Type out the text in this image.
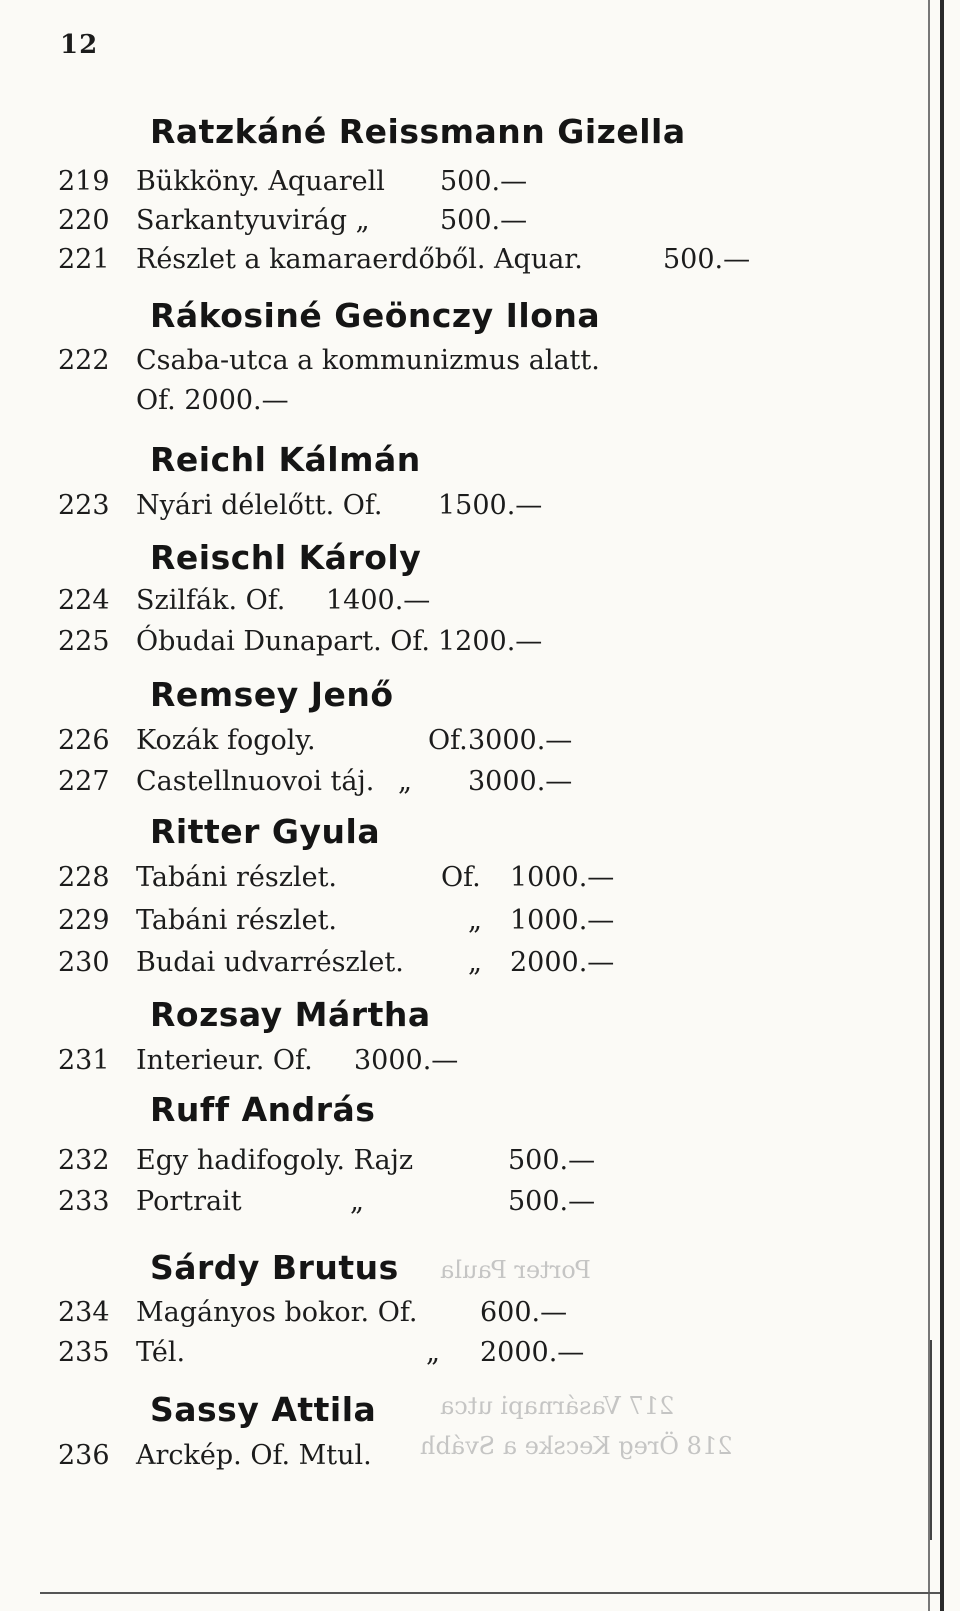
12
Ratzkáné Reissmann Gizella
219 Bükköny. Aquarell 500.—
220 Sarkantyuvirág „	500.—
221 Részlet a kamaraerdőből. Aquar.	500.—
Rákosiné Geönczy Ilona
222 Csaba-utca a kommunizmus alatt.
Of. 2000.—
Reichl Kálmán
223 Nyári délelőtt. Of. 1500.—
Reischl Károly
224 Szilfák. Of. 1400.—
225 Óbudai Dunapart. Of. 1200.—
Remsey Jenő
226 Kozák fogoly.	Of. 3000.—
227 Castellnuovoi táj. „ 3000.—
Ritter Gyula
228 Tabáni részlet.	Of. 1000.—
229 Tabáni részlet.	„ 1000.—
230 Budai udvarrészlet. „ 2000.—
Rozsay Mártha
231 Interieur. Of. 3000.—
Ruff András
232 Egy hadifogoly. Rajz	500.—
233 Portrait	„	500.—
Sárdy Brutus
234 Magányos bokor. Of. 600.—
235 Tél.	„ 2000.—
Sassy Attila
236 Arckép. Of. Mtul.
Porter Paula
217 Vasárnapi utca
218 Öreg Kecske a Svábh
